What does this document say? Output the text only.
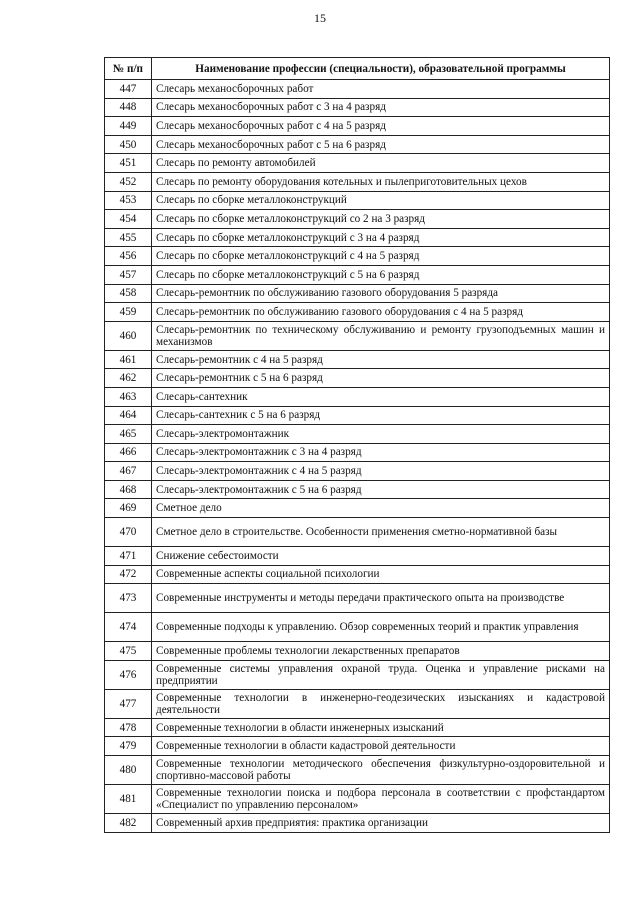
15
№ п/п	Наименование профессии (специальности), образовательной программы
447	Слесарь механосборочных работ
448	Слесарь механосборочных работ с 3 на 4 разряд
449	Слесарь механосборочных работ с 4 на 5 разряд
450	Слесарь механосборочных работ с 5 на 6 разряд
451	Слесарь по ремонту автомобилей
452	Слесарь по ремонту оборудования котельных и пылеприготовительных цехов
453	Слесарь по сборке металлоконструкций
454	Слесарь по сборке металлоконструкций со 2 на 3 разряд
455	Слесарь по сборке металлоконструкций с 3 на 4 разряд
456	Слесарь по сборке металлоконструкций с 4 на 5 разряд
457	Слесарь по сборке металлоконструкций с 5 на 6 разряд
458	Слесарь-ремонтник по обслуживанию газового оборудования 5 разряда
459	Слесарь-ремонтник по обслуживанию газового оборудования с 4 на 5 разряд
460	Слесарь-ремонтник по техническому обслуживанию и ремонту грузоподъемных машин и механизмов
461	Слесарь-ремонтник с 4 на 5 разряд
462	Слесарь-ремонтник с 5 на 6 разряд
463	Слесарь-сантехник
464	Слесарь-сантехник с 5 на 6 разряд
465	Слесарь-электромонтажник
466	Слесарь-электромонтажник с 3 на 4 разряд
467	Слесарь-электромонтажник с 4 на 5 разряд
468	Слесарь-электромонтажник с 5 на 6 разряд
469	Сметное дело
470	Сметное дело в строительстве. Особенности применения сметно-нормативной базы
471	Снижение себестоимости
472	Современные аспекты социальной психологии
473	Современные инструменты и методы передачи практического опыта на производстве
474	Современные подходы к управлению. Обзор современных теорий и практик управления
475	Современные проблемы технологии лекарственных препаратов
476	Современные системы управления охраной труда. Оценка и управление рисками на предприятии
477	Современные технологии в инженерно-геодезических изысканиях и кадастровой деятельности
478	Современные технологии в области инженерных изысканий
479	Современные технологии в области кадастровой деятельности
480	Современные технологии методического обеспечения физкультурно-оздоровительной и спортивно-массовой работы
481	Современные технологии поиска и подбора персонала в соответствии с профстандартом «Специалист по управлению персоналом»
482	Современный архив предприятия: практика организации
